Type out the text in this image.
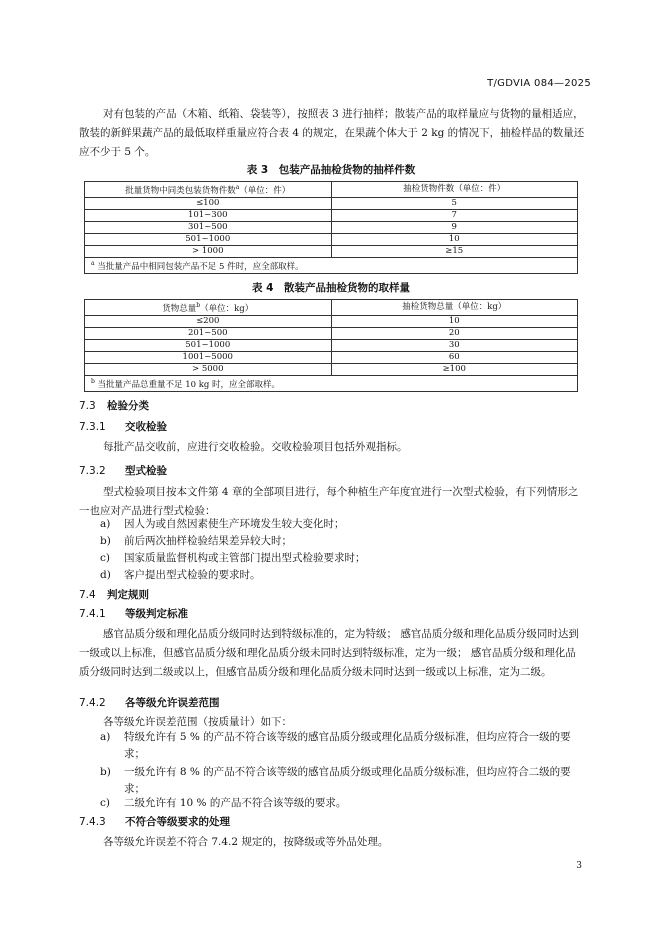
T/GDVIA 084—2025
对有包装的产品（木箱、纸箱、袋装等），按照表 3 进行抽样；散装产品的取样量应与货物的量相适应，散装的新鲜果蔬产品的最低取样重量应符合表 4 的规定，在果蔬个体大于 2 kg 的情况下，抽检样品的数量还应不少于 5 个。
表 3　包装产品抽检货物的抽样件数
批量货物中同类包装货物件数$^a$（单位：件）	抽检货物件数（单位：件）
≤100	5
101~300	7
301~500	9
501~1000	10
> 1000	≥15
$^a$ 当批量产品中相同包装产品不足 5 件时，应全部取样。	
表 4　散装产品抽检货物的取样量
货物总量$^b$（单位：kg）	抽检货物总量（单位：kg）
≤200	10
201~500	20
501~1000	30
1001~5000	60
> 5000	≥100
$^b$ 当批量产品总重量不足 10 kg 时，应全部取样。	
7.3 检验分类
7.3.1 交收检验
每批产品交收前，应进行交收检验。交收检验项目包括外观指标。
7.3.2 型式检验
型式检验项目按本文件第 4 章的全部项目进行，每个种植生产年度宜进行一次型式检验，有下列情形之一也应对产品进行型式检验：
a) 因人为或自然因素使生产环境发生较大变化时；
b) 前后两次抽样检验结果差异较大时；
c) 国家质量监督机构或主管部门提出型式检验要求时；
d) 客户提出型式检验的要求时。
7.4 判定规则
7.4.1 等级判定标准
感官品质分级和理化品质分级同时达到特级标准的，定为特级； 感官品质分级和理化品质分级同时达到一级或以上标准，但感官品质分级和理化品质分级未同时达到特级标准，定为一级； 感官品质分级和理化品质分级同时达到二级或以上，但感官品质分级和理化品质分级未同时达到一级或以上标准，定为二级。
7.4.2 各等级允许误差范围
各等级允许误差范围（按质量计）如下：
a) 特级允许有 5 % 的产品不符合该等级的感官品质分级或理化品质分级标准，但均应符合一级的要求；
b) 一级允许有 8 % 的产品不符合该等级的感官品质分级或理化品质分级标准，但均应符合二级的要求；
c) 二级允许有 10 % 的产品不符合该等级的要求。
7.4.3 不符合等级要求的处理
各等级允许误差不符合 7.4.2 规定的，按降级或等外品处理。
3
